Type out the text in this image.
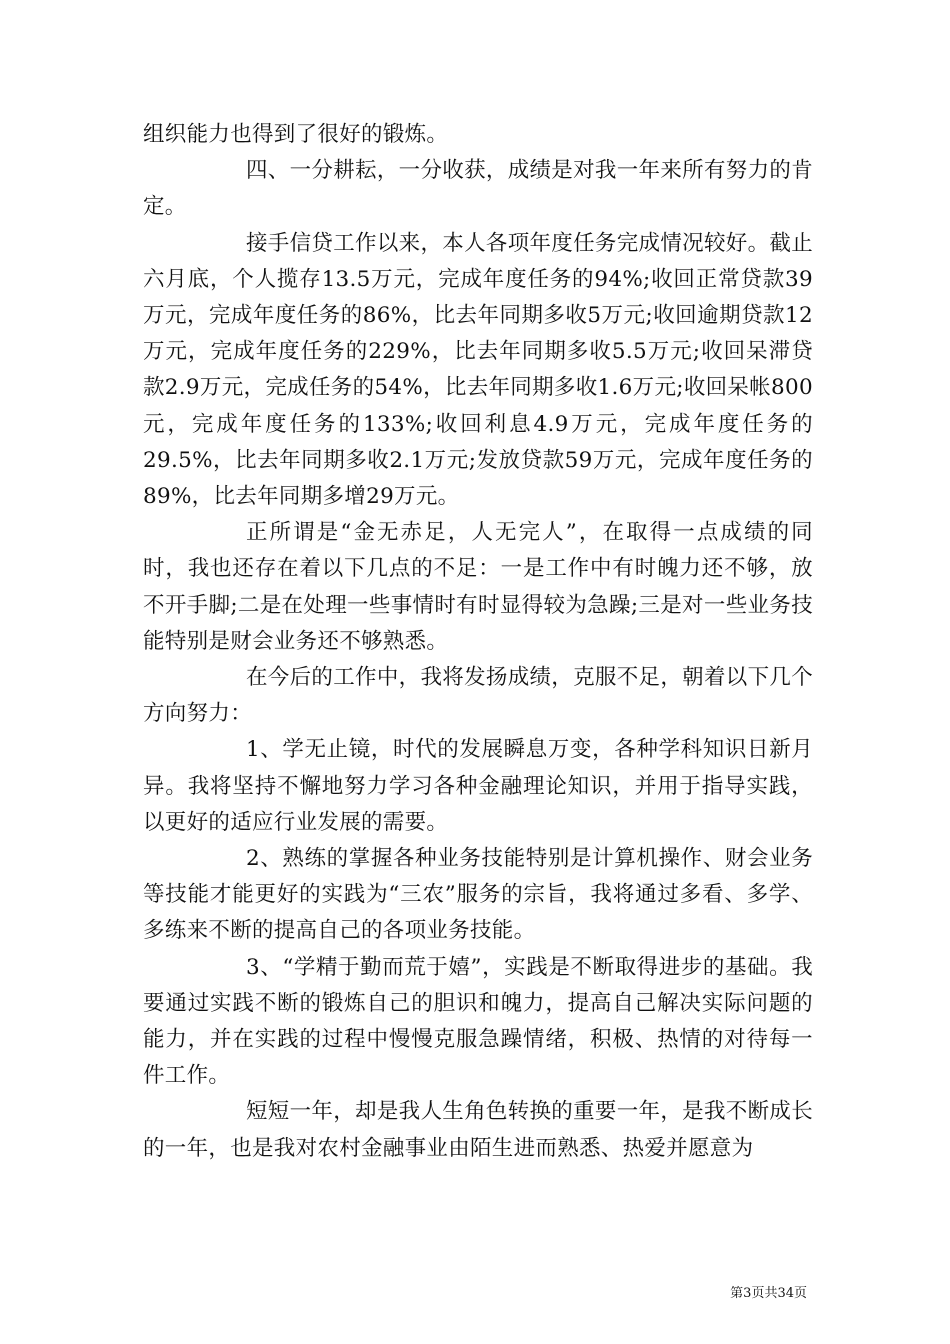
组织能力也得到了很好的锻炼。

四、一分耕耘，一分收获，成绩是对我一年来所有努力的肯定。

接手信贷工作以来，本人各项年度任务完成情况较好。截止六月底，个人揽存13.5万元，完成年度任务的94%;收回正常贷款39万元，完成年度任务的86%，比去年同期多收5万元;收回逾期贷款12万元，完成年度任务的229%，比去年同期多收5.5万元;收回呆滞贷款2.9万元，完成任务的54%，比去年同期多收1.6万元;收回呆帐800元，完成年度任务的133%;收回利息4.9万元，完成年度任务的29.5%，比去年同期多收2.1万元;发放贷款59万元，完成年度任务的89%，比去年同期多增29万元。

正所谓是“金无赤足，人无完人”，在取得一点成绩的同时，我也还存在着以下几点的不足：一是工作中有时魄力还不够，放不开手脚;二是在处理一些事情时有时显得较为急躁;三是对一些业务技能特别是财会业务还不够熟悉。

在今后的工作中，我将发扬成绩，克服不足，朝着以下几个方向努力：

1、学无止镜，时代的发展瞬息万变，各种学科知识日新月异。我将坚持不懈地努力学习各种金融理论知识，并用于指导实践，以更好的适应行业发展的需要。

2、熟练的掌握各种业务技能特别是计算机操作、财会业务等技能才能更好的实践为“三农”服务的宗旨，我将通过多看、多学、多练来不断的提高自己的各项业务技能。

3、“学精于勤而荒于嬉”，实践是不断取得进步的基础。我要通过实践不断的锻炼自己的胆识和魄力，提高自己解决实际问题的能力，并在实践的过程中慢慢克服急躁情绪，积极、热情的对待每一件工作。

短短一年，却是我人生角色转换的重要一年，是我不断成长的一年，也是我对农村金融事业由陌生进而熟悉、热爱并愿意为

第3页共34页
